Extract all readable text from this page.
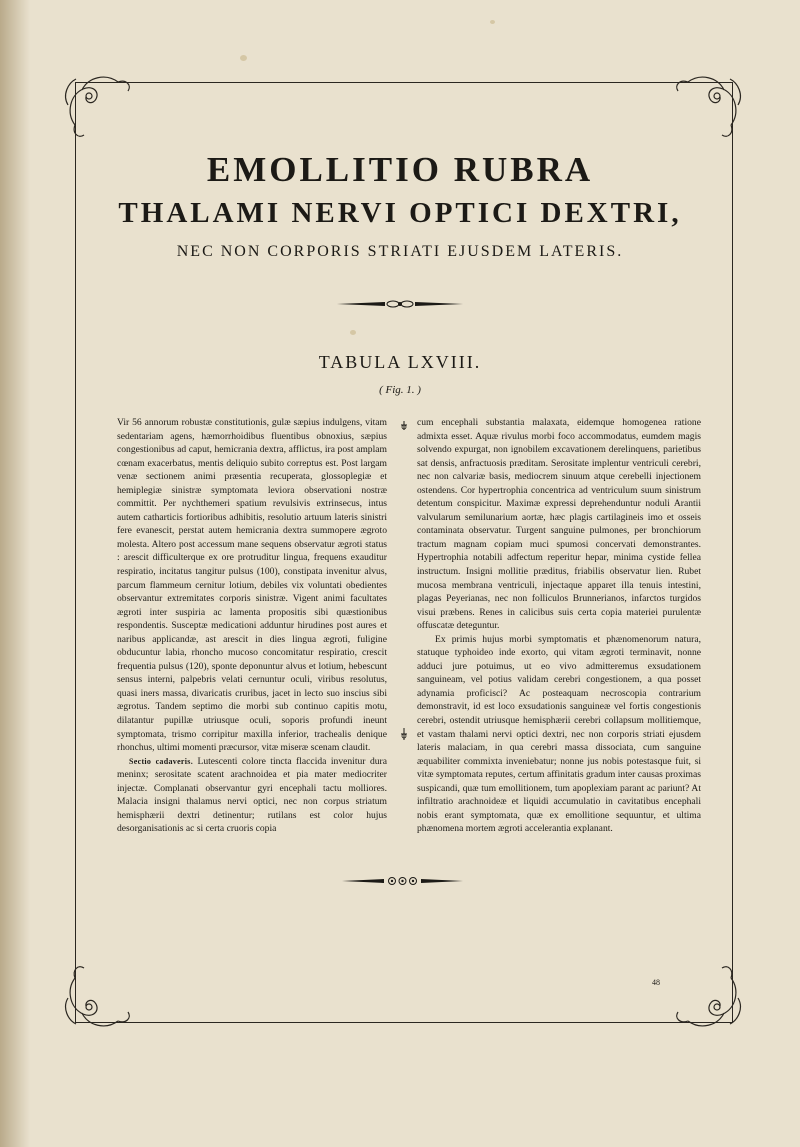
EMOLLITIO RUBRA
THALAMI NERVI OPTICI DEXTRI,
NEC NON CORPORIS STRIATI EJUSDEM LATERIS.
TABULA LXVIII.
( Fig. 1. )

Vir 56 annorum robustæ constitutionis, gulæ sæpius indulgens, vitam sedentariam agens, hæmorrhoidibus fluentibus obnoxius, sæpius congestionibus ad caput, hemicrania dextra, afflictus, ira post amplam cœnam exacerbatus, mentis deliquio subito correptus est. Post largam venæ sectionem animi præsentia recuperata, glossoplegiæ et hemiplegiæ sinistræ symptomata leviora observationi nostræ committit. Per nychthemeri spatium revulsivis extrinsecus, intus autem catharticis fortioribus adhibitis, resolutio artuum lateris sinistri fere evanescit, perstat autem hemicrania dextra summopere ægroto molesta. Altero post accessum mane sequens observatur ægroti status : arescit difficulterque ex ore protruditur lingua, frequens exauditur respiratio, incitatus tangitur pulsus (100), constipata invenitur alvus, parcum flammeum cernitur lotium, debiles vix voluntati obedientes observantur extremitates corporis sinistræ. Vigent animi facultates ægroti inter suspiria ac lamenta propositis sibi quæstionibus respondentis. Susceptæ medicationi adduntur hirudines post aures et naribus applicandæ, ast arescit in dies lingua ægroti, fuligine obducuntur labia, rhoncho mucoso concomitatur respiratio, crescit frequentia pulsus (120), sponte deponuntur alvus et lotium, hebescunt sensus interni, palpebris velati cernuntur oculi, viribus resolutus, quasi iners massa, divaricatis cruribus, jacet in lecto suo inscius sibi ægrotus. Tandem septimo die morbi sub continuo capitis motu, dilatantur pupillæ utriusque oculi, soporis profundi ineunt symptomata, trismo corripitur maxilla inferior, trachealis denique rhonchus, ultimi momenti præcursor, vitæ miseræ scenam claudit.

Sectio cadaveris. Lutescenti colore tincta flaccida invenitur dura meninx; serositate scatent arachnoidea et pia mater mediocriter injectæ. Complanati observantur gyri encephali tactu molliores. Malacia insigni thalamus nervi optici, nec non corpus striatum hemisphærii dextri detinentur; rutilans est color hujus desorganisationis ac si certa cruoris copia

cum encephali substantia malaxata, eidemque homogenea ratione admixta esset. Aquæ rivulus morbi foco accommodatus, eumdem magis solvendo expurgat, non ignobilem excavationem derelinquens, parietibus sat densis, anfractuosis præditam. Serositate implentur ventriculi cerebri, nec non calvariæ basis, mediocrem sinuum atque cerebelli injectionem ostendens. Cor hypertrophia concentrica ad ventriculum suum sinistrum detentum conspicitur. Maximæ expressi deprehenduntur noduli Arantii valvularum semilunarium aortæ, hæc plagis cartilagineis imo et osseis contaminata observatur. Turgent sanguine pulmones, per bronchiorum tractum magnam copiam muci spumosi concervati demonstrantes. Hypertrophia notabili adfectum reperitur hepar, minima cystide fellea instructum. Insigni mollitie præditus, friabilis observatur lien. Rubet mucosa membrana ventriculi, injectaque apparet illa tenuis intestini, plagas Peyerianas, nec non folliculos Brunnerianos, infarctos turgidos visui præbens. Renes in calicibus suis certa copia materiei purulentæ offuscatæ deteguntur.

Ex primis hujus morbi symptomatis et phænomenorum natura, statuque typhoideo inde exorto, qui vitam ægroti terminavit, nonne adduci jure potuimus, ut eo vivo admitteremus exsudationem sanguineam, vel potius validam cerebri congestionem, a qua posset adynamia proficisci? Ac posteaquam necroscopia contrarium demonstravit, id est loco exsudationis sanguineæ vel fortis congestionis cerebri, ostendit utriusque hemisphærii cerebri collapsum mollitiemque, et vastam thalami nervi optici dextri, nec non corporis striati ejusdem lateris malaciam, in qua cerebri massa dissociata, cum sanguine æquabiliter commixta inveniebatur; nonne jus nobis potestasque fuit, si vitæ symptomata reputes, certum affinitatis gradum inter causas proximas suspicandi, quæ tum emollitionem, tum apoplexiam parant ac pariunt? At infiltratio arachnoideæ et liquidi accumulatio in cavitatibus encephali nobis erant symptomata, quæ ex emollitione sequuntur, et ultima phænomena mortem ægroti accelerantia explanant.

48
